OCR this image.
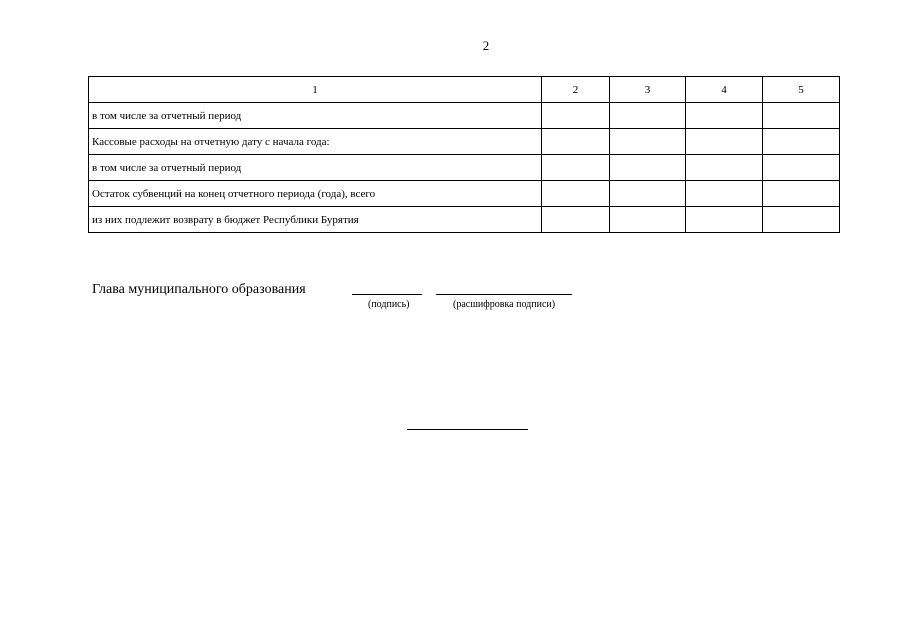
2
1	2	3	4	5
в том числе за отчетный период				
Кассовые расходы на отчетную дату с начала года:				
в том числе за отчетный период				
Остаток субвенций на конец отчетного периода (года), всего				
из них подлежит возврату в бюджет Республики Бурятия				
Глава муниципального образования
(подпись)	(расшифровка подписи)
